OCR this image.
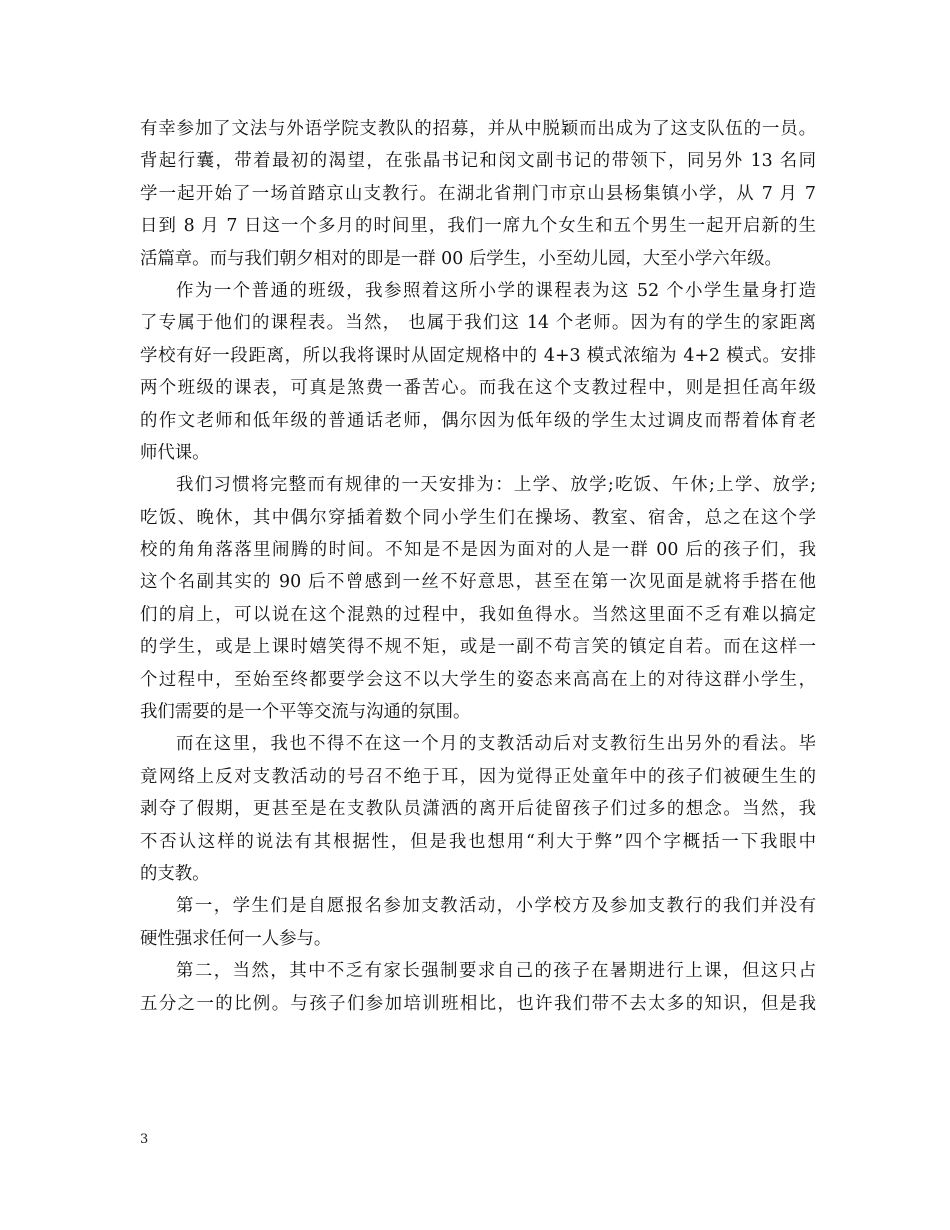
有幸参加了文法与外语学院支教队的招募，并从中脱颖而出成为了这支队伍的一员。
背起行囊，带着最初的渴望，在张晶书记和闵文副书记的带领下，同另外 13 名同
学一起开始了一场首踏京山支教行。在湖北省荆门市京山县杨集镇小学，从 7 月 7
日到 8 月 7 日这一个多月的时间里，我们一席九个女生和五个男生一起开启新的生
活篇章。而与我们朝夕相对的即是一群 00 后学生，小至幼儿园，大至小学六年级。
作为一个普通的班级，我参照着这所小学的课程表为这 52 个小学生量身打造
了专属于他们的课程表。当然， 也属于我们这 14 个老师。因为有的学生的家距离
学校有好一段距离，所以我将课时从固定规格中的 4+3 模式浓缩为 4+2 模式。安排
两个班级的课表，可真是煞费一番苦心。而我在这个支教过程中，则是担任高年级
的作文老师和低年级的普通话老师，偶尔因为低年级的学生太过调皮而帮着体育老
师代课。
我们习惯将完整而有规律的一天安排为：上学、放学;吃饭、午休;上学、放学;
吃饭、晚休，其中偶尔穿插着数个同小学生们在操场、教室、宿舍，总之在这个学
校的角角落落里闹腾的时间。不知是不是因为面对的人是一群 00 后的孩子们，我
这个名副其实的 90 后不曾感到一丝不好意思，甚至在第一次见面是就将手搭在他
们的肩上，可以说在这个混熟的过程中，我如鱼得水。当然这里面不乏有难以搞定
的学生，或是上课时嬉笑得不规不矩，或是一副不苟言笑的镇定自若。而在这样一
个过程中，至始至终都要学会这不以大学生的姿态来高高在上的对待这群小学生，
我们需要的是一个平等交流与沟通的氛围。
而在这里，我也不得不在这一个月的支教活动后对支教衍生出另外的看法。毕
竟网络上反对支教活动的号召不绝于耳，因为觉得正处童年中的孩子们被硬生生的
剥夺了假期，更甚至是在支教队员潇洒的离开后徒留孩子们过多的想念。当然，我
不否认这样的说法有其根据性，但是我也想用“利大于弊”四个字概括一下我眼中
的支教。
第一，学生们是自愿报名参加支教活动，小学校方及参加支教行的我们并没有
硬性强求任何一人参与。
第二，当然，其中不乏有家长强制要求自己的孩子在暑期进行上课，但这只占
五分之一的比例。与孩子们参加培训班相比，也许我们带不去太多的知识，但是我
3
